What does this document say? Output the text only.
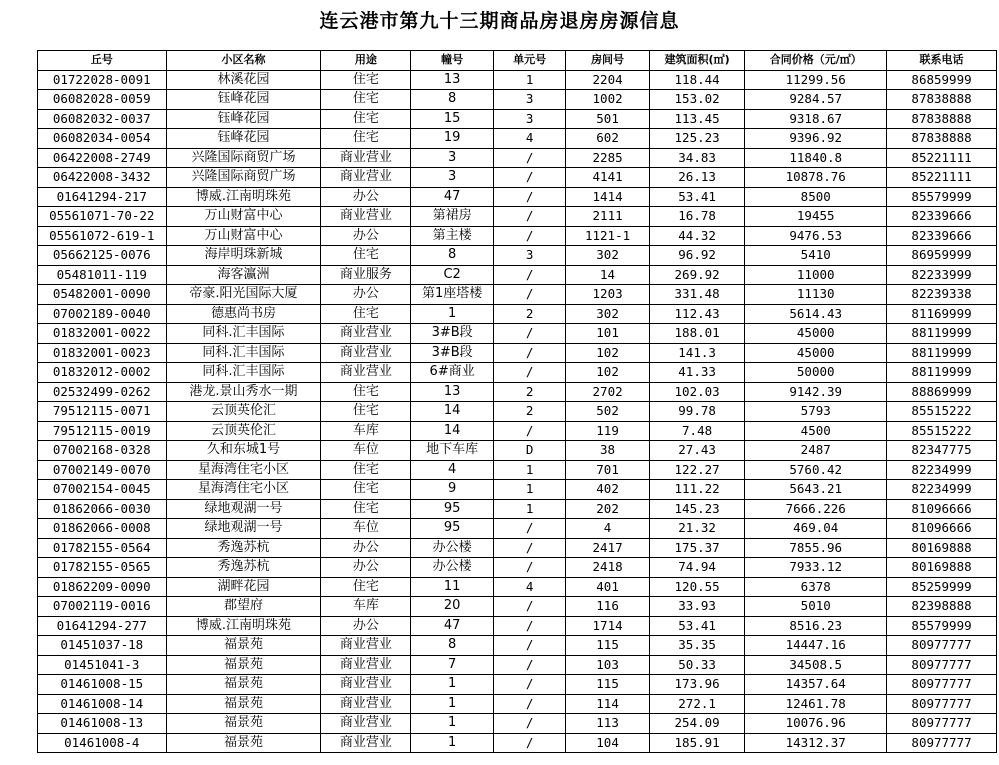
连云港市第九十三期商品房退房房源信息
丘号	小区名称	用途	幢号	单元号	房间号	建筑面积(㎡)	合同价格（元/㎡）	联系电话
01722028-0091	林溪花园	住宅	13	1	2204	118.44	11299.56	86859999
06082028-0059	钰峰花园	住宅	8	3	1002	153.02	9284.57	87838888
06082032-0037	钰峰花园	住宅	15	3	501	113.45	9318.67	87838888
06082034-0054	钰峰花园	住宅	19	4	602	125.23	9396.92	87838888
06422008-2749	兴隆国际商贸广场	商业营业	3	/	2285	34.83	11840.8	85221111
06422008-3432	兴隆国际商贸广场	商业营业	3	/	4141	26.13	10878.76	85221111
01641294-217	博威.江南明珠苑	办公	47	/	1414	53.41	8500	85579999
05561071-70-22	万山财富中心	商业营业	第裙房	/	2111	16.78	19455	82339666
05561072-619-1	万山财富中心	办公	第主楼	/	1121-1	44.32	9476.53	82339666
05662125-0076	海岸明珠新城	住宅	8	3	302	96.92	5410	86959999
05481011-119	海客瀛洲	商业服务	C2	/	14	269.92	11000	82233999
05482001-0090	帝豪.阳光国际大厦	办公	第1座塔楼	/	1203	331.48	11130	82239338
07002189-0040	德惠尚书房	住宅	1	2	302	112.43	5614.43	81169999
01832001-0022	同科.汇丰国际	商业营业	3#B段	/	101	188.01	45000	88119999
01832001-0023	同科.汇丰国际	商业营业	3#B段	/	102	141.3	45000	88119999
01832012-0002	同科.汇丰国际	商业营业	6#商业	/	102	41.33	50000	88119999
02532499-0262	港龙.景山秀水一期	住宅	13	2	2702	102.03	9142.39	88869999
79512115-0071	云顶英伦汇	住宅	14	2	502	99.78	5793	85515222
79512115-0019	云顶英伦汇	车库	14	/	119	7.48	4500	85515222
07002168-0328	久和东城1号	车位	地下车库	D	38	27.43	2487	82347775
07002149-0070	星海湾住宅小区	住宅	4	1	701	122.27	5760.42	82234999
07002154-0045	星海湾住宅小区	住宅	9	1	402	111.22	5643.21	82234999
01862066-0030	绿地观湖一号	住宅	95	1	202	145.23	7666.226	81096666
01862066-0008	绿地观湖一号	车位	95	/	4	21.32	469.04	81096666
01782155-0564	秀逸苏杭	办公	办公楼	/	2417	175.37	7855.96	80169888
01782155-0565	秀逸苏杭	办公	办公楼	/	2418	74.94	7933.12	80169888
01862209-0090	湖畔花园	住宅	11	4	401	120.55	6378	85259999
07002119-0016	郡望府	车库	20	/	116	33.93	5010	82398888
01641294-277	博威.江南明珠苑	办公	47	/	1714	53.41	8516.23	85579999
01451037-18	福景苑	商业营业	8	/	115	35.35	14447.16	80977777
01451041-3	福景苑	商业营业	7	/	103	50.33	34508.5	80977777
01461008-15	福景苑	商业营业	1	/	115	173.96	14357.64	80977777
01461008-14	福景苑	商业营业	1	/	114	272.1	12461.78	80977777
01461008-13	福景苑	商业营业	1	/	113	254.09	10076.96	80977777
01461008-4	福景苑	商业营业	1	/	104	185.91	14312.37	80977777
